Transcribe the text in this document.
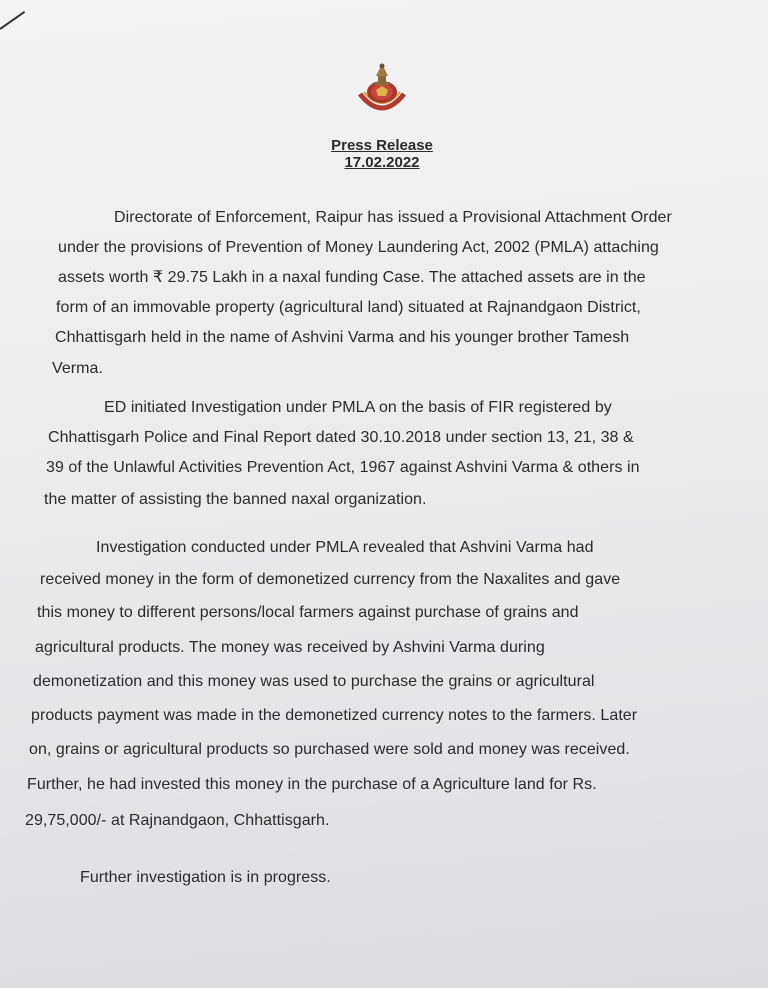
Press Release
17.02.2022
Directorate of Enforcement, Raipur has issued a Provisional Attachment Order
under the provisions of Prevention of Money Laundering Act, 2002 (PMLA) attaching
assets worth ₹ 29.75 Lakh in a naxal funding Case. The attached assets are in the
form of an immovable property (agricultural land) situated at Rajnandgaon District,
Chhattisgarh held in the name of Ashvini Varma and his younger brother Tamesh
Verma.
ED initiated Investigation under PMLA on the basis of FIR registered by
Chhattisgarh Police and Final Report dated 30.10.2018 under section 13, 21, 38 &
39 of the Unlawful Activities Prevention Act, 1967 against Ashvini Varma & others in
the matter of assisting the banned naxal organization.
Investigation conducted under PMLA revealed that Ashvini Varma had
received money in the form of demonetized currency from the Naxalites and gave
this money to different persons/local farmers against purchase of grains and
agricultural products. The money was received by Ashvini Varma during
demonetization and this money was used to purchase the grains or agricultural
products payment was made in the demonetized currency notes to the farmers. Later
on, grains or agricultural products so purchased were sold and money was received.
Further, he had invested this money in the purchase of a Agriculture land for Rs.
29,75,000/- at Rajnandgaon, Chhattisgarh.
Further investigation is in progress.
